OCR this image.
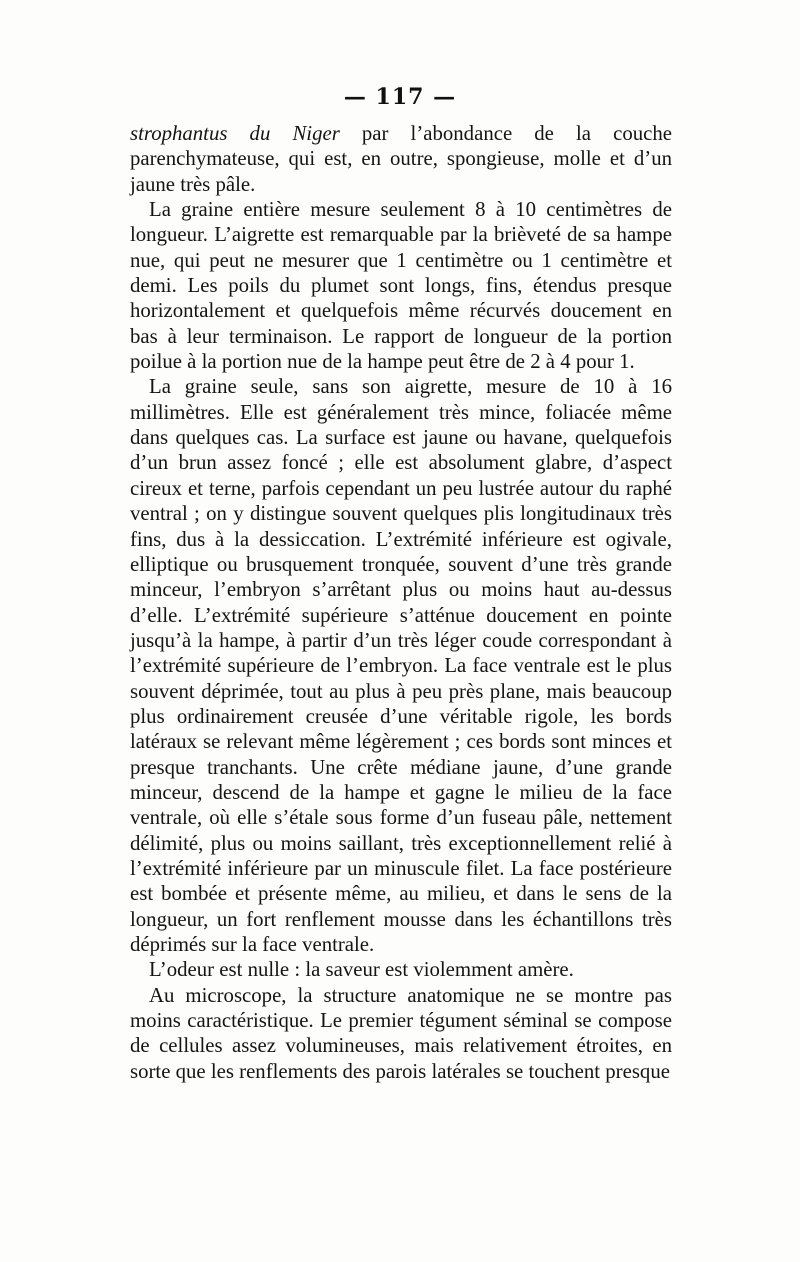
— 117 —

strophantus du Niger par l’abondance de la couche parenchymateuse, qui est, en outre, spongieuse, molle et d’un jaune très pâle.

La graine entière mesure seulement 8 à 10 centimètres de longueur. L’aigrette est remarquable par la brièveté de sa hampe nue, qui peut ne mesurer que 1 centimètre ou 1 centimètre et demi. Les poils du plumet sont longs, fins, étendus presque horizontalement et quelquefois même récurvés doucement en bas à leur terminaison. Le rapport de longueur de la portion poilue à la portion nue de la hampe peut être de 2 à 4 pour 1.

La graine seule, sans son aigrette, mesure de 10 à 16 millimètres. Elle est généralement très mince, foliacée même dans quelques cas. La surface est jaune ou havane, quelquefois d’un brun assez foncé ; elle est absolument glabre, d’aspect cireux et terne, parfois cependant un peu lustrée autour du raphé ventral ; on y distingue souvent quelques plis longitudinaux très fins, dus à la dessiccation. L’extrémité inférieure est ogivale, elliptique ou brusquement tronquée, souvent d’une très grande minceur, l’embryon s’arrêtant plus ou moins haut au-dessus d’elle. L’extrémité supérieure s’atténue doucement en pointe jusqu’à la hampe, à partir d’un très léger coude correspondant à l’extrémité supérieure de l’embryon. La face ventrale est le plus souvent déprimée, tout au plus à peu près plane, mais beaucoup plus ordinairement creusée d’une véritable rigole, les bords latéraux se relevant même légèrement ; ces bords sont minces et presque tranchants. Une crête médiane jaune, d’une grande minceur, descend de la hampe et gagne le milieu de la face ventrale, où elle s’étale sous forme d’un fuseau pâle, nettement délimité, plus ou moins saillant, très exceptionnellement relié à l’extrémité inférieure par un minuscule filet. La face postérieure est bombée et présente même, au milieu, et dans le sens de la longueur, un fort renflement mousse dans les échantillons très déprimés sur la face ventrale.

L’odeur est nulle : la saveur est violemment amère.

Au microscope, la structure anatomique ne se montre pas moins caractéristique. Le premier tégument séminal se compose de cellules assez volumineuses, mais relativement étroites, en sorte que les renflements des parois latérales se touchent presque
